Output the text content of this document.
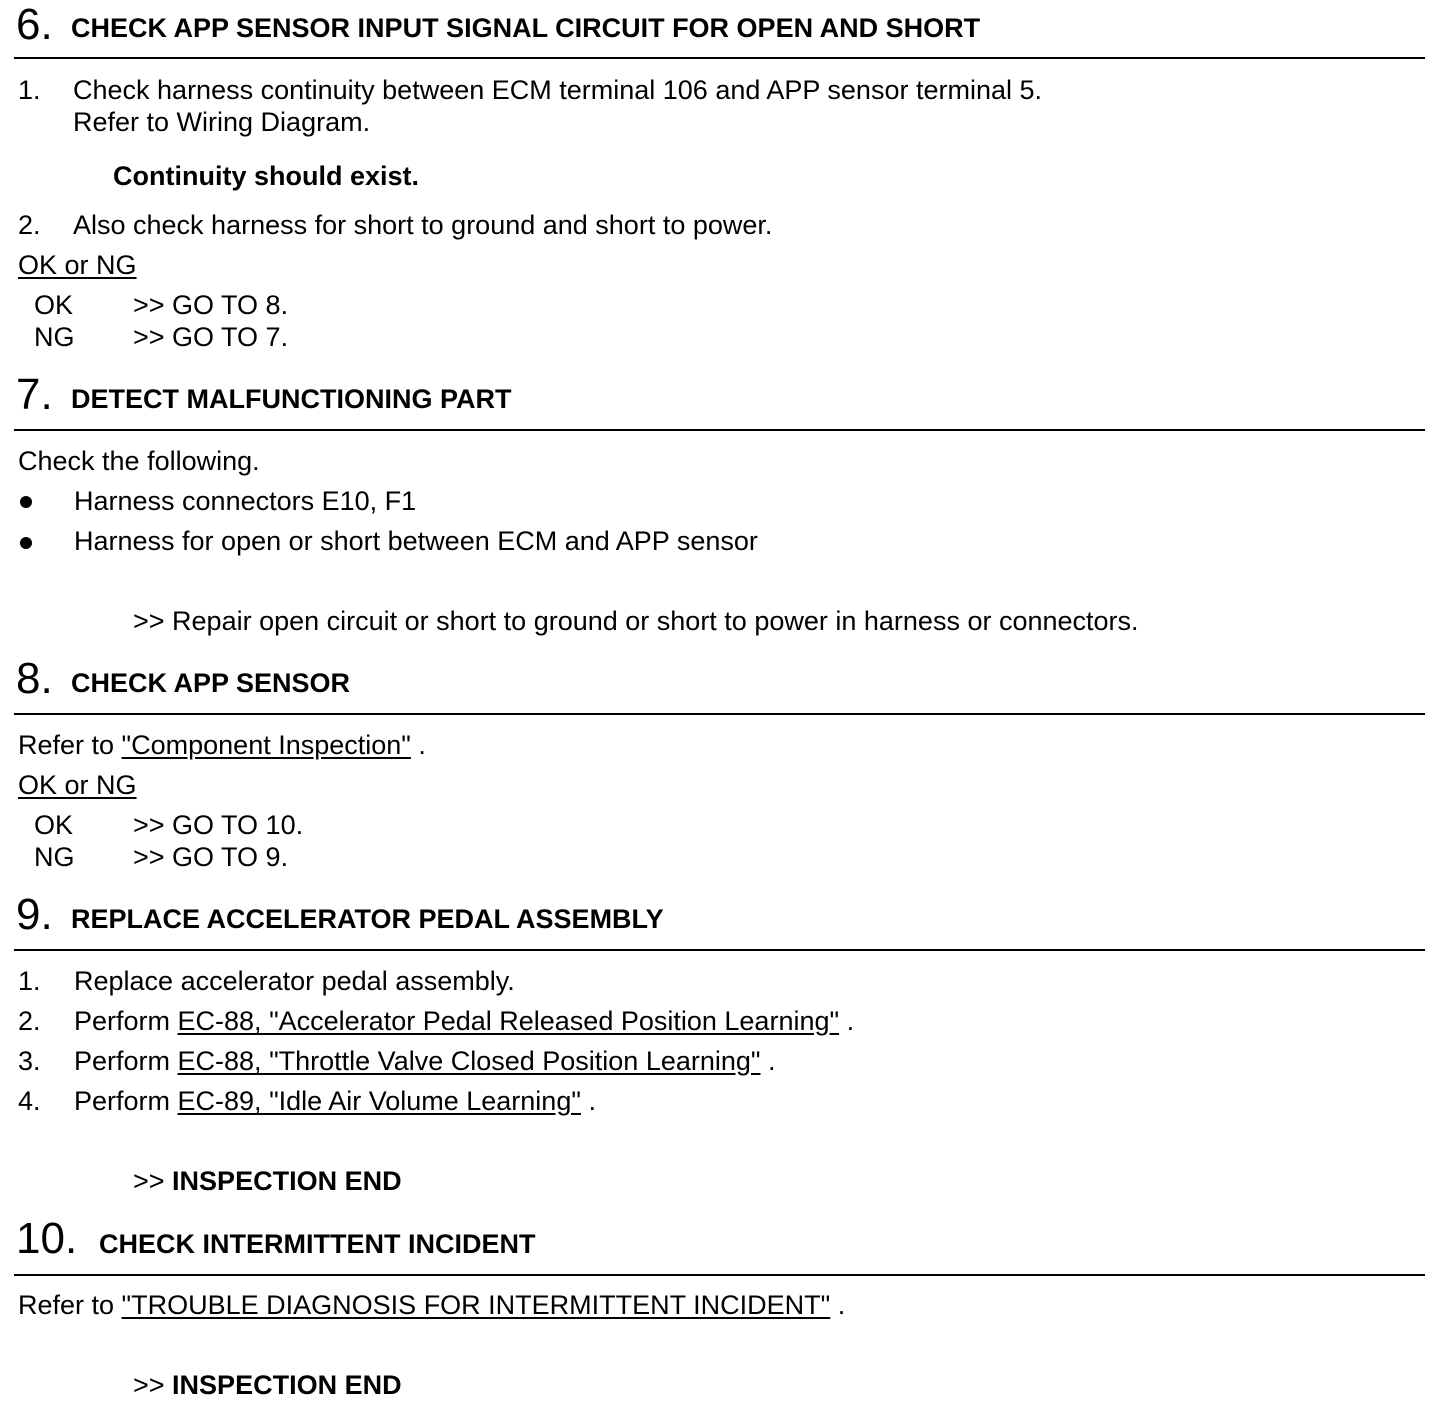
6. CHECK APP SENSOR INPUT SIGNAL CIRCUIT FOR OPEN AND SHORT
1. Check harness continuity between ECM terminal 106 and APP sensor terminal 5.
Refer to Wiring Diagram.
Continuity should exist.
2. Also check harness for short to ground and short to power.
OK or NG
OK >> GO TO 8.
NG >> GO TO 7.
7. DETECT MALFUNCTIONING PART
Check the following.
Harness connectors E10, F1
Harness for open or short between ECM and APP sensor
>> Repair open circuit or short to ground or short to power in harness or connectors.
8. CHECK APP SENSOR
Refer to "Component Inspection" .
OK or NG
OK >> GO TO 10.
NG >> GO TO 9.
9. REPLACE ACCELERATOR PEDAL ASSEMBLY
1. Replace accelerator pedal assembly.
2. Perform EC-88, "Accelerator Pedal Released Position Learning" .
3. Perform EC-88, "Throttle Valve Closed Position Learning" .
4. Perform EC-89, "Idle Air Volume Learning" .
>> INSPECTION END
10. CHECK INTERMITTENT INCIDENT
Refer to "TROUBLE DIAGNOSIS FOR INTERMITTENT INCIDENT" .
>> INSPECTION END
